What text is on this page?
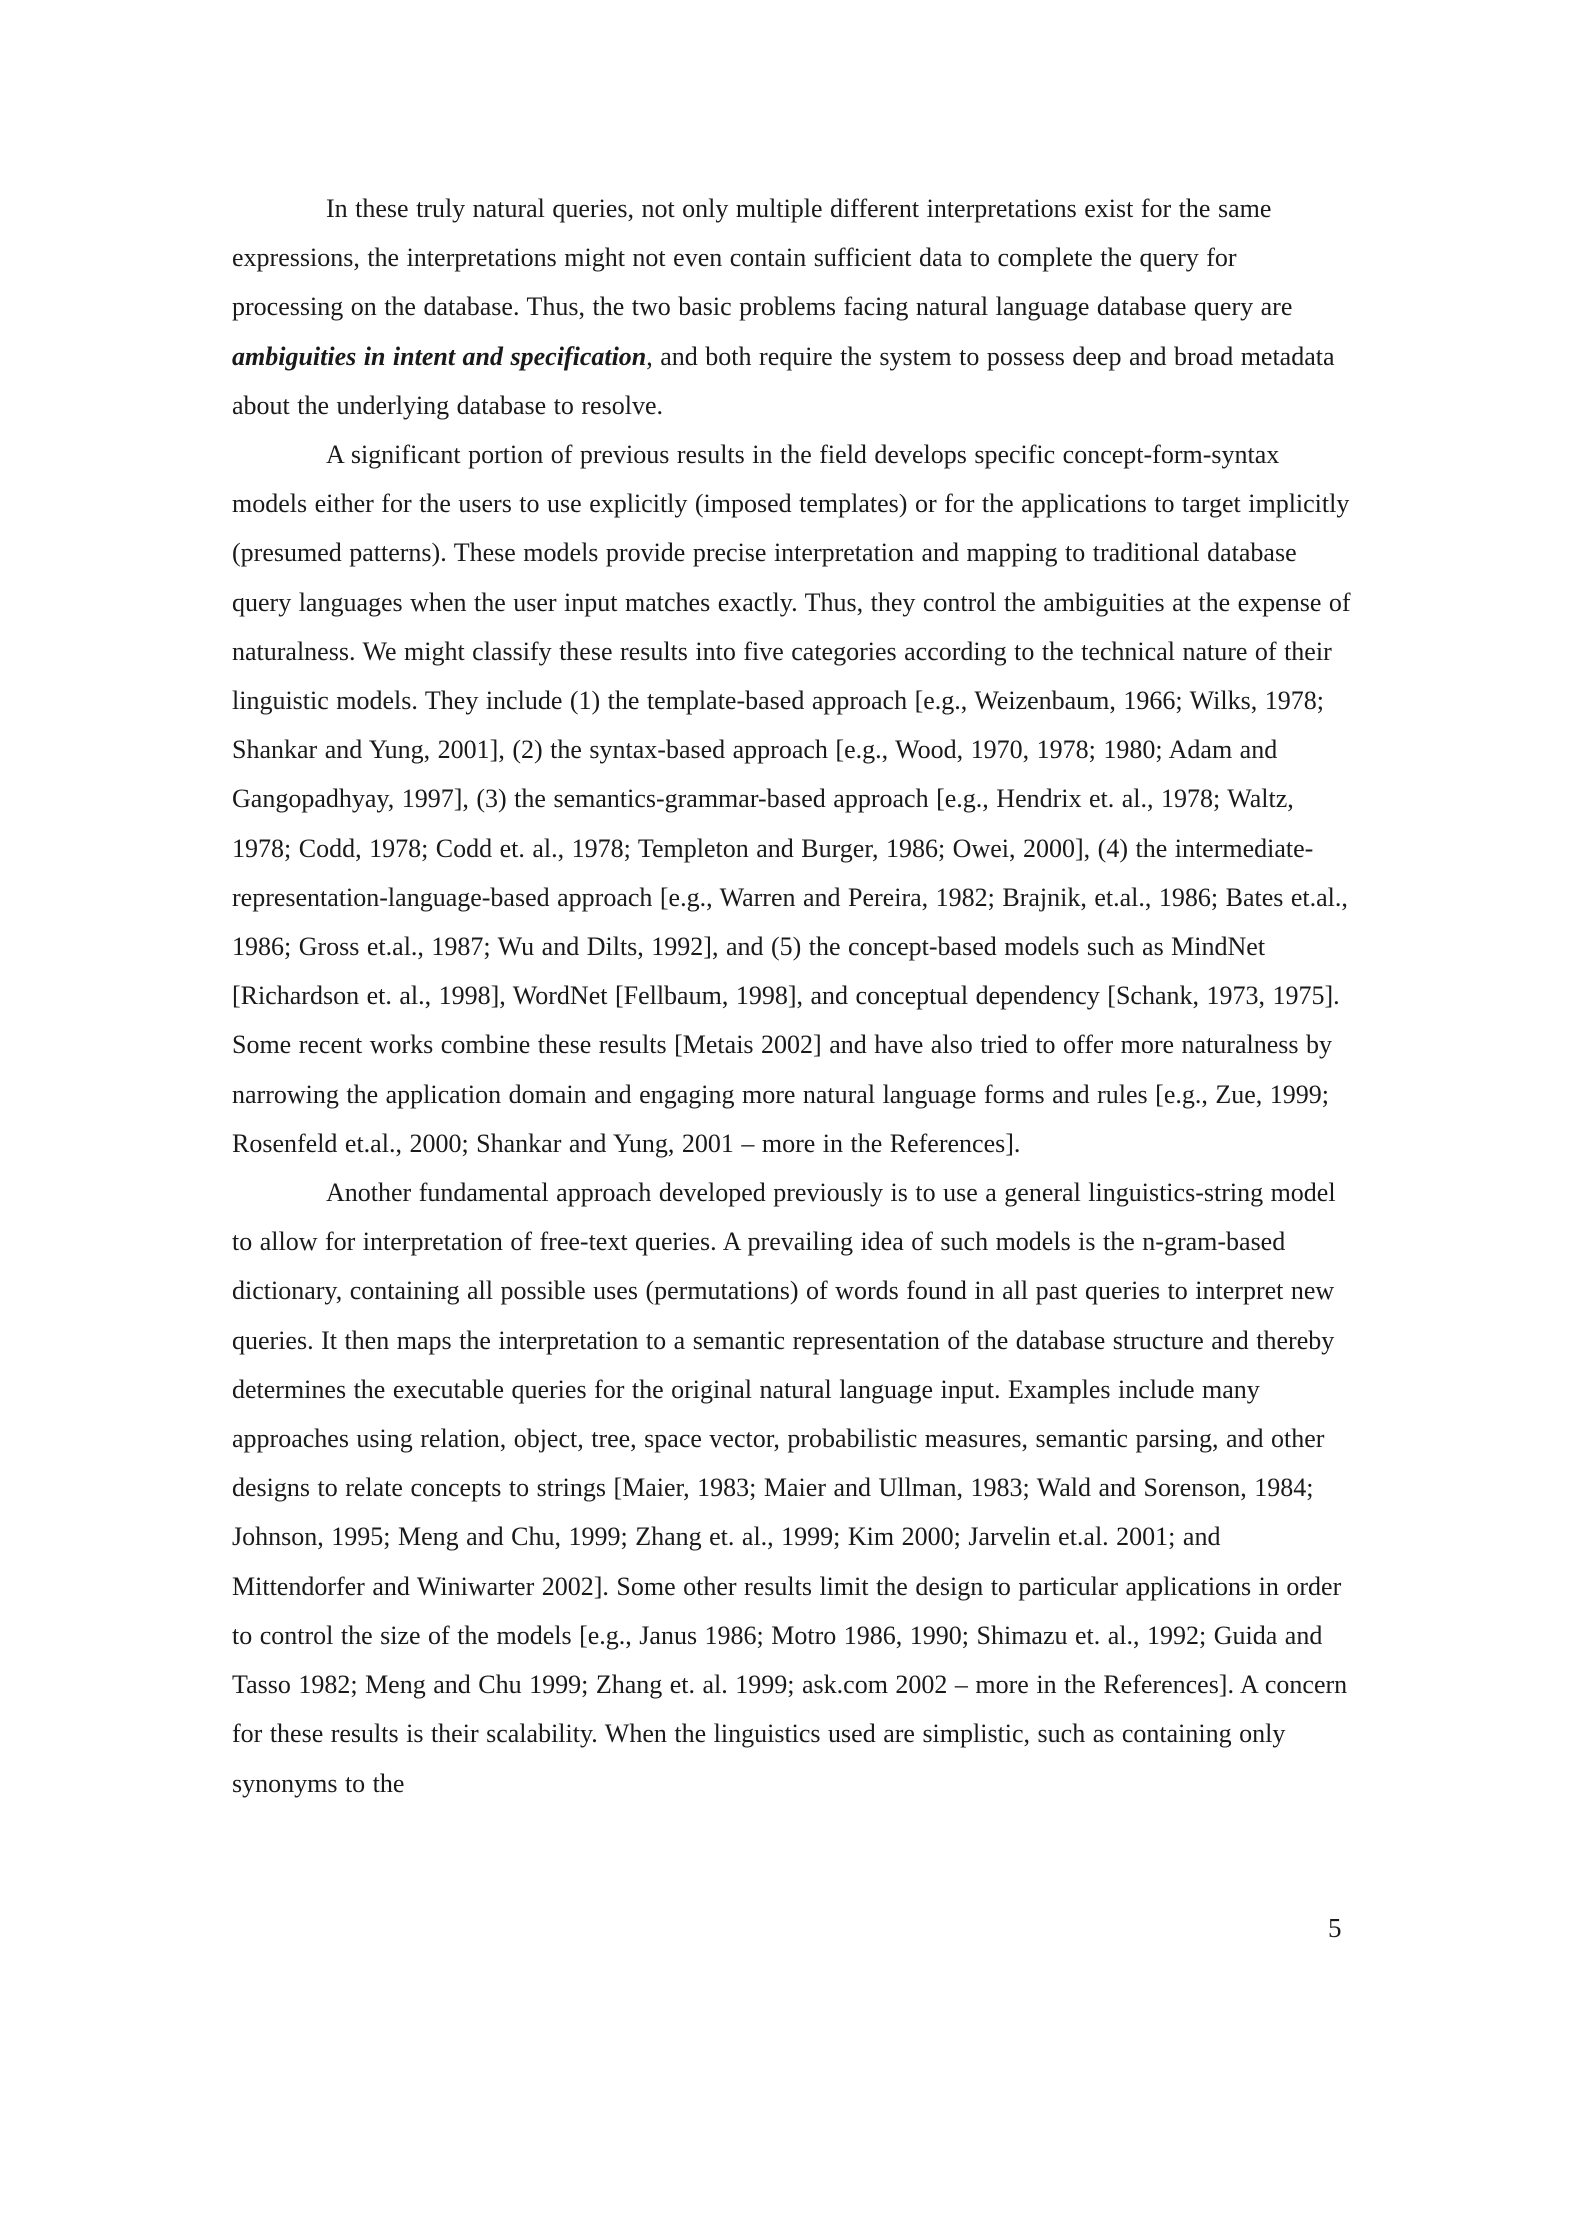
In these truly natural queries, not only multiple different interpretations exist for the same expressions, the interpretations might not even contain sufficient data to complete the query for processing on the database. Thus, the two basic problems facing natural language database query are ambiguities in intent and specification, and both require the system to possess deep and broad metadata about the underlying database to resolve.

A significant portion of previous results in the field develops specific concept-form-syntax models either for the users to use explicitly (imposed templates) or for the applications to target implicitly (presumed patterns). These models provide precise interpretation and mapping to traditional database query languages when the user input matches exactly. Thus, they control the ambiguities at the expense of naturalness. We might classify these results into five categories according to the technical nature of their linguistic models. They include (1) the template-based approach [e.g., Weizenbaum, 1966; Wilks, 1978; Shankar and Yung, 2001], (2) the syntax-based approach [e.g., Wood, 1970, 1978; 1980; Adam and Gangopadhyay, 1997], (3) the semantics-grammar-based approach [e.g., Hendrix et. al., 1978; Waltz, 1978; Codd, 1978; Codd et. al., 1978; Templeton and Burger, 1986; Owei, 2000], (4) the intermediate-representation-language-based approach [e.g., Warren and Pereira, 1982; Brajnik, et.al., 1986; Bates et.al., 1986; Gross et.al., 1987; Wu and Dilts, 1992], and (5) the concept-based models such as MindNet [Richardson et. al., 1998], WordNet [Fellbaum, 1998], and conceptual dependency [Schank, 1973, 1975]. Some recent works combine these results [Metais 2002] and have also tried to offer more naturalness by narrowing the application domain and engaging more natural language forms and rules [e.g., Zue, 1999; Rosenfeld et.al., 2000; Shankar and Yung, 2001 – more in the References].

Another fundamental approach developed previously is to use a general linguistics-string model to allow for interpretation of free-text queries. A prevailing idea of such models is the n-gram-based dictionary, containing all possible uses (permutations) of words found in all past queries to interpret new queries. It then maps the interpretation to a semantic representation of the database structure and thereby determines the executable queries for the original natural language input. Examples include many approaches using relation, object, tree, space vector, probabilistic measures, semantic parsing, and other designs to relate concepts to strings [Maier, 1983; Maier and Ullman, 1983; Wald and Sorenson, 1984; Johnson, 1995; Meng and Chu, 1999; Zhang et. al., 1999; Kim 2000; Jarvelin et.al. 2001; and Mittendorfer and Winiwarter 2002]. Some other results limit the design to particular applications in order to control the size of the models [e.g., Janus 1986; Motro 1986, 1990; Shimazu et. al., 1992; Guida and Tasso 1982; Meng and Chu 1999; Zhang et. al. 1999; ask.com 2002 – more in the References]. A concern for these results is their scalability. When the linguistics used are simplistic, such as containing only synonyms to the

5
